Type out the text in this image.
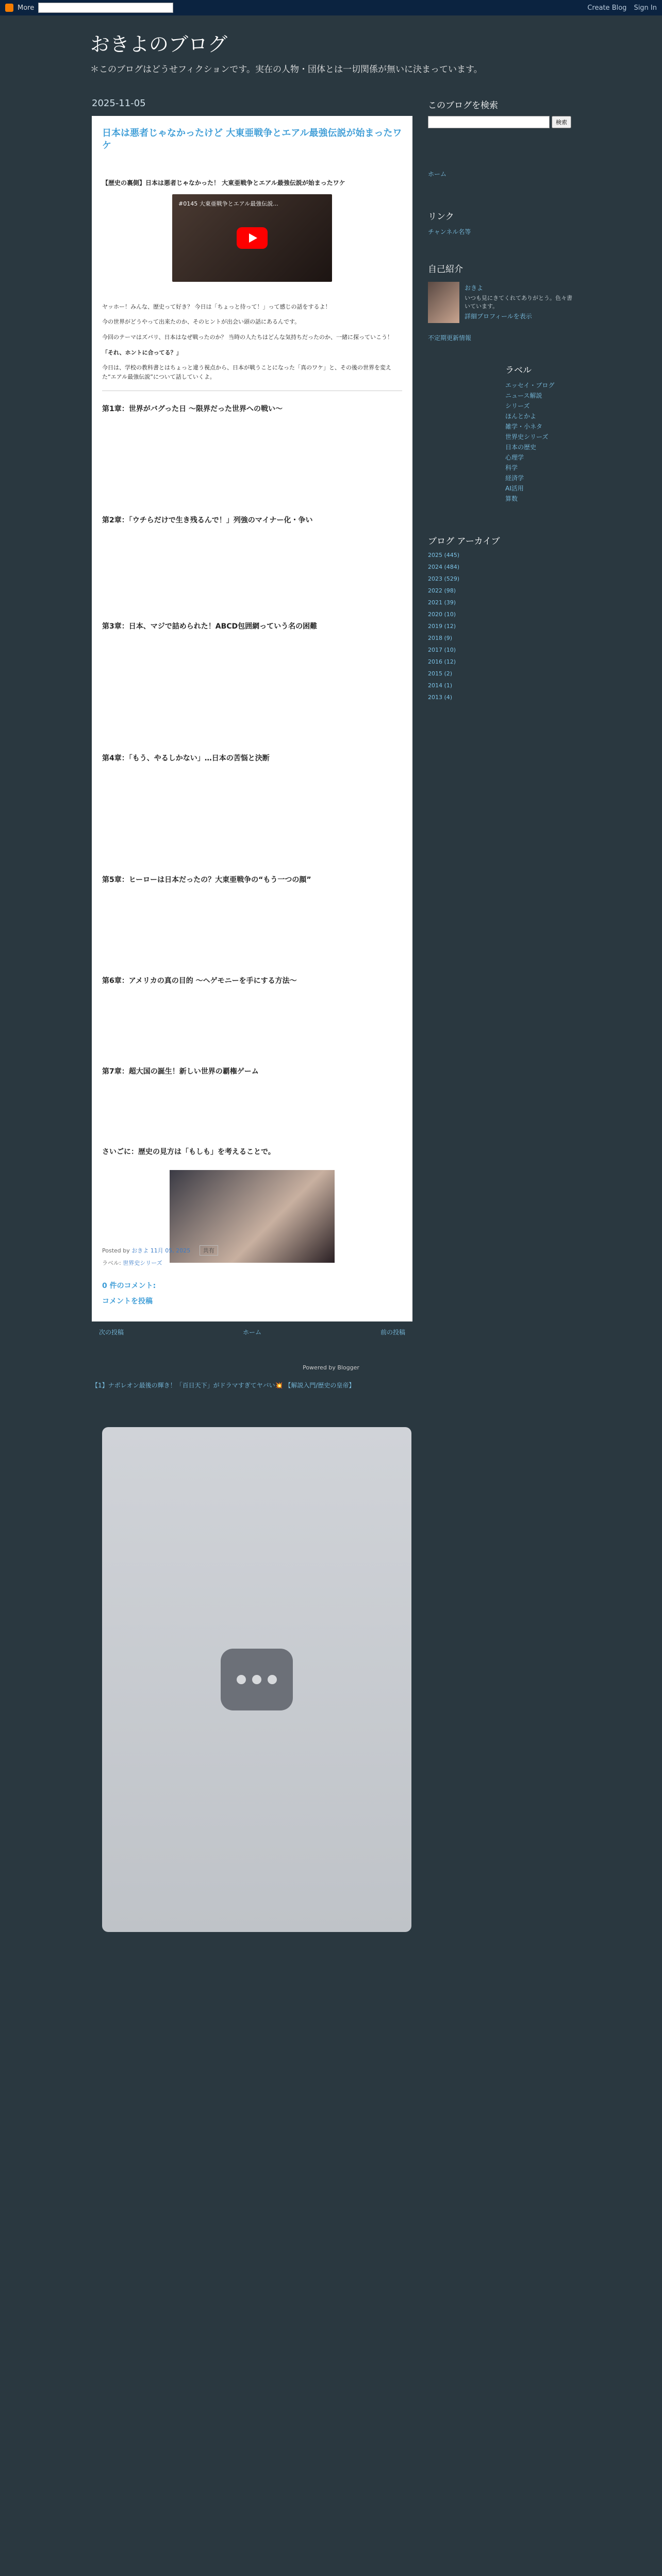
More	Create Blog Sign In
おきよのブログ
＊このブログはどうせフィクションです。実在の人物・団体とは一切関係が無いに決まっています。
2025-11-05
日本は悪者じゃなかったけど 大東亜戦争とエアル最強伝説が始まったワケ
【歴史の裏側】日本は悪者じゃなかった！ 大東亜戦争とエアル最強伝説が始まったワケ
#0145 大東亜戦争とエアル最強伝説...

ヤッホー！みんな、歴史って好き？ 今日は「ちょっと待って！」って感じの話をするよ！

今の世界がどうやって出来たのか、そのヒントが出会い頭の話にあるんです。

今回のテーマはズバリ、日本はなぜ戦ったのか？ 当時の人たちはどんな気持ちだったのか、一緒に探っていこう！

「それ、ホントに合ってる？」

今日は、学校の教科書とはちょっと違う視点から、日本が戦うことになった「真のワケ」と、その後の世界を変えた“エアル最強伝説”について話していくよ。

第1章：世界がバグった日 〜限界だった世界への戦い〜
第2章：「ウチらだけで生き残るんで！」列強のマイナー化・争い
第3章：日本、マジで詰められた！ABCD包囲網っていう名の困難
第4章：「もう、やるしかない」…日本の苦悩と決断
第5章：ヒーローは日本だったの？大東亜戦争の“もう一つの顔”
第6章：アメリカの真の目的 〜ヘゲモニーを手にする方法〜
第7章：超大国の誕生！新しい世界の覇権ゲーム
さいごに：歴史の見方は「もしも」を考えることで。
Posted by おきよ 11月 05, 2025 共有
ラベル: 世界史シリーズ
0 件のコメント:
コメントを投稿
次の投稿	ホーム	前の投稿
このブログを検索
検索
ホーム
リンク
チャンネル名等
自己紹介
おきよ
いつも見にきてくれてありがとう。色々書いています。
詳細プロフィールを表示
不定期更新情報
ラベル
エッセイ・ブログ
ニュース解説
シリーズ
ほんとかよ
雑学・小ネタ
世界史シリーズ
日本の歴史
心理学
科学
経済学
AI活用
算数
ブログ アーカイブ
2025 (445)
2024 (484)
2023 (529)
2022 (98)
2021 (39)
2020 (10)
2019 (12)
2018 (9)
2017 (10)
2016 (12)
2015 (2)
2014 (1)
2013 (4)
Powered by Blogger
【1】ナポレオン最後の輝き！「百日天下」がドラマすぎてヤバい💥 【解説入門/歴史の皇帝】
